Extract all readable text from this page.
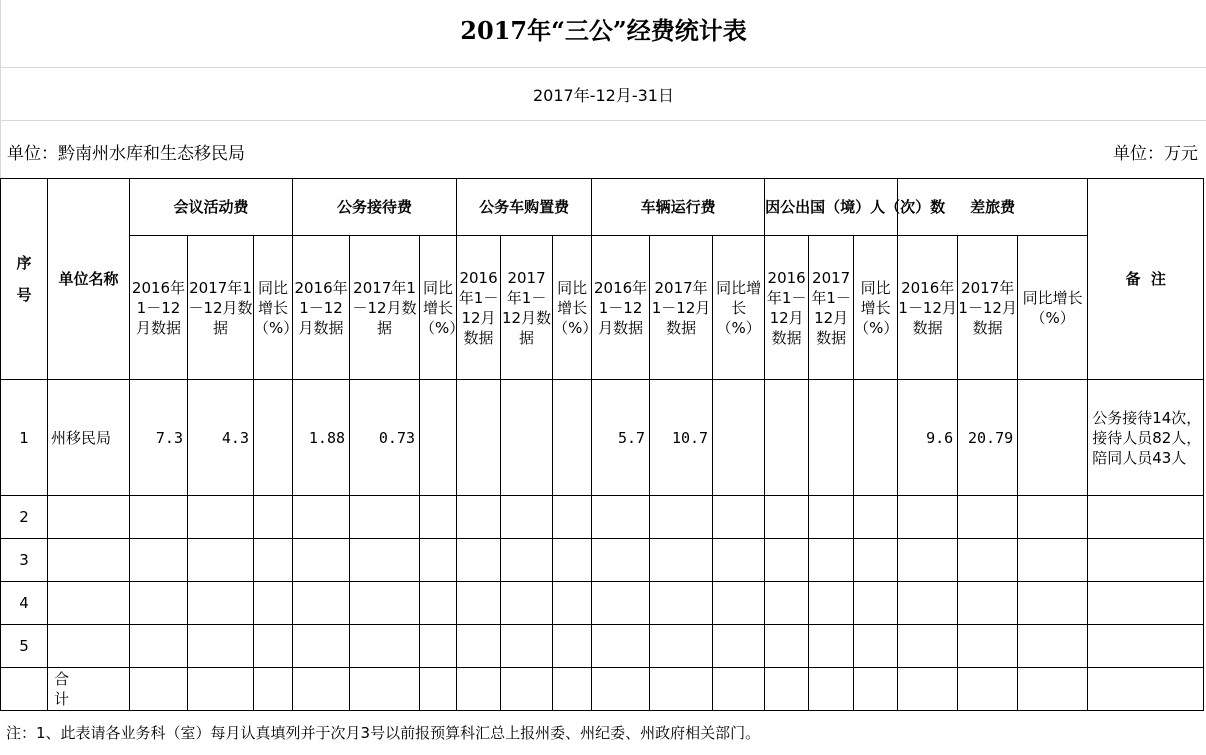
2017年“三公”经费统计表
2017年-12月-31日
单位：黔南州水库和生态移民局	单位：万元
序号	单位名称	会议活动费			公务接待费			公务车购置费			车辆运行费			因公出国（境）人（次）数			差旅费			备  注
		2016年1－12月数据	2017年1－12月数据	同比增长（%）	2016年1－12月数据	2017年1－12月数据	同比增长（%）	2016年1－12月数据	2017年1－12月数据	同比增长（%）	2016年1－12月数据	2017年1－12月数据	同比增长（%）	2016年1－12月数据	2017年1－12月数据	同比增长（%）	2016年1－12月数据	2017年1－12月数据	同比增长（%）	
1	州移民局	7.3	4.3		1.88	0.73					5.7	10.7					9.6	20.79		公务接待14次，接待人员82人，陪同人员43人
2																				
3																				
4																				
5																				
	合 计																			
注：1、此表请各业务科（室）每月认真填列并于次月3号以前报预算科汇总上报州委、州纪委、州政府相关部门。
